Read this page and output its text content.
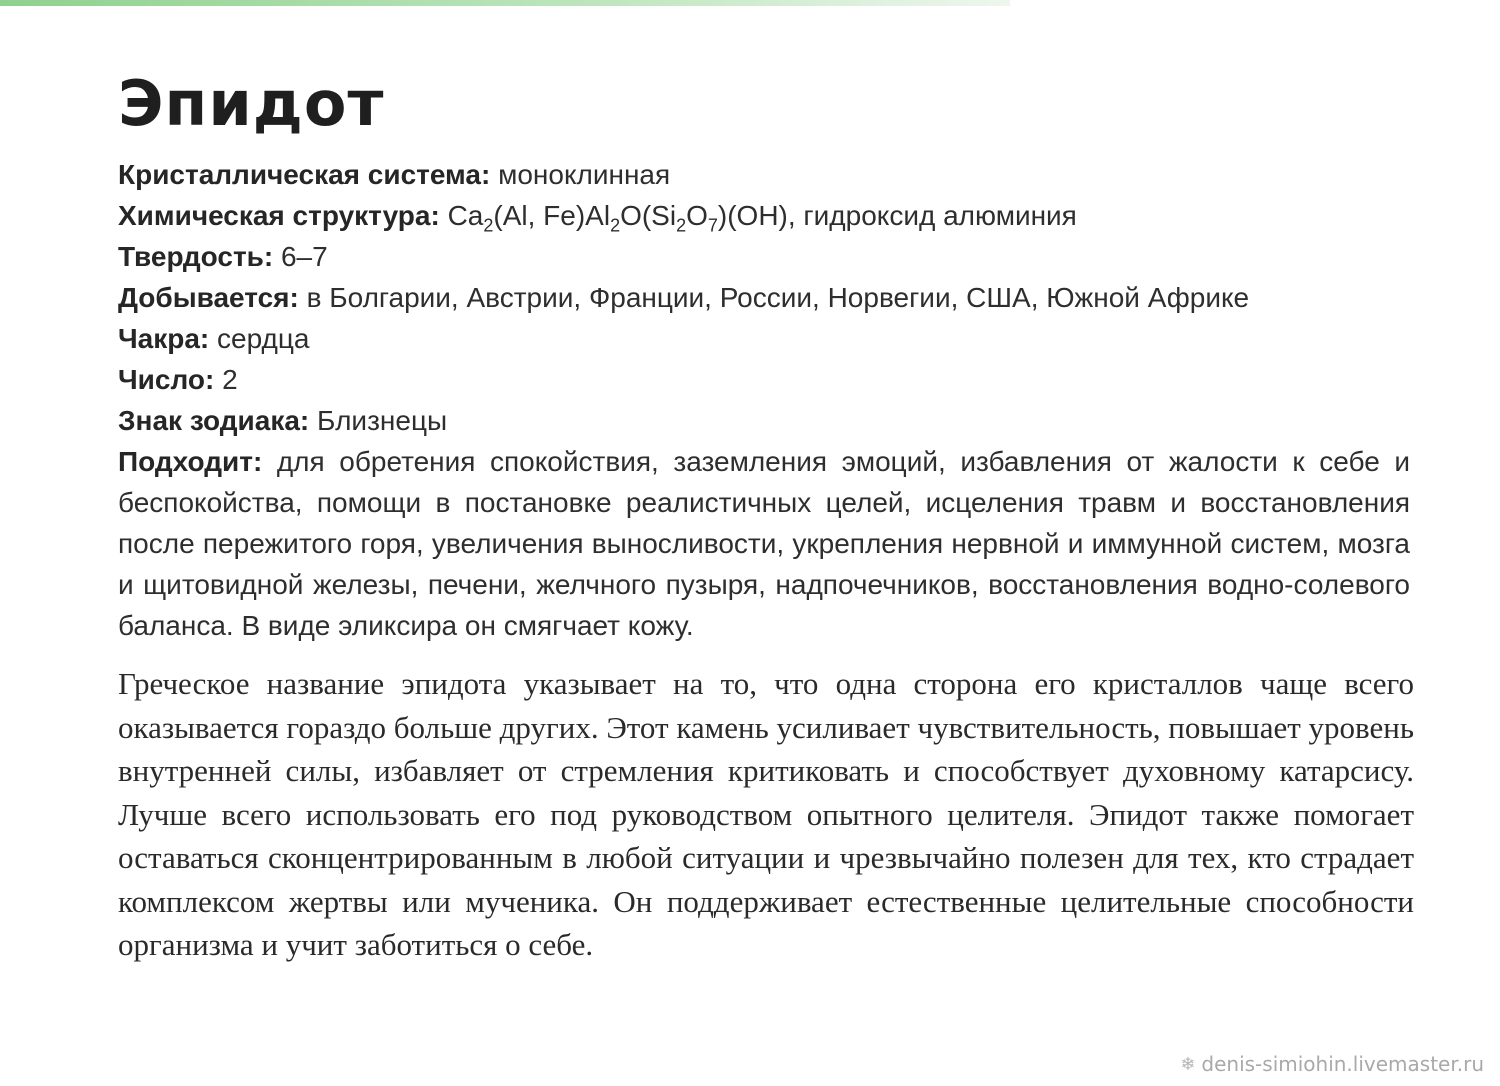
Эпидот
Кристаллическая система: моноклинная
Химическая структура: $Ca_2(Al$, $Fe)Al_2O(Si_2O_7)(OH)$, гидроксид алюминия
Твердость: 6–7
Добывается: в Болгарии, Австрии, Франции, России, Норвегии, США, Южной Африке
Чакра: сердца
Число: 2
Знак зодиака: Близнецы
Подходит: для обретения спокойствия, заземления эмоций, избавления от жалости к себе и беспокойства, помощи в постановке реалистичных целей, исцеления травм и восстановления после пережитого горя, увеличения выносливости, укрепления нервной и иммунной систем, мозга и щитовидной железы, печени, желчного пузыря, надпочечников, восстановления водно-солевого баланса. В виде эликсира он смягчает кожу.

Греческое название эпидота указывает на то, что одна сторона его кристаллов чаще всего оказывается гораздо больше других. Этот камень усиливает чувствительность, повышает уровень внутренней силы, избавляет от стремления критиковать и способствует духовному катарсису. Лучше всего использовать его под руководством опытного целителя. Эпидот также помогает оставаться сконцентрированным в любой ситуации и чрезвычайно полезен для тех, кто страдает комплексом жертвы или мученика. Он поддерживает естественные целительные способности организма и учит заботиться о себе.

❄ denis-simiohin.livemaster.ru
